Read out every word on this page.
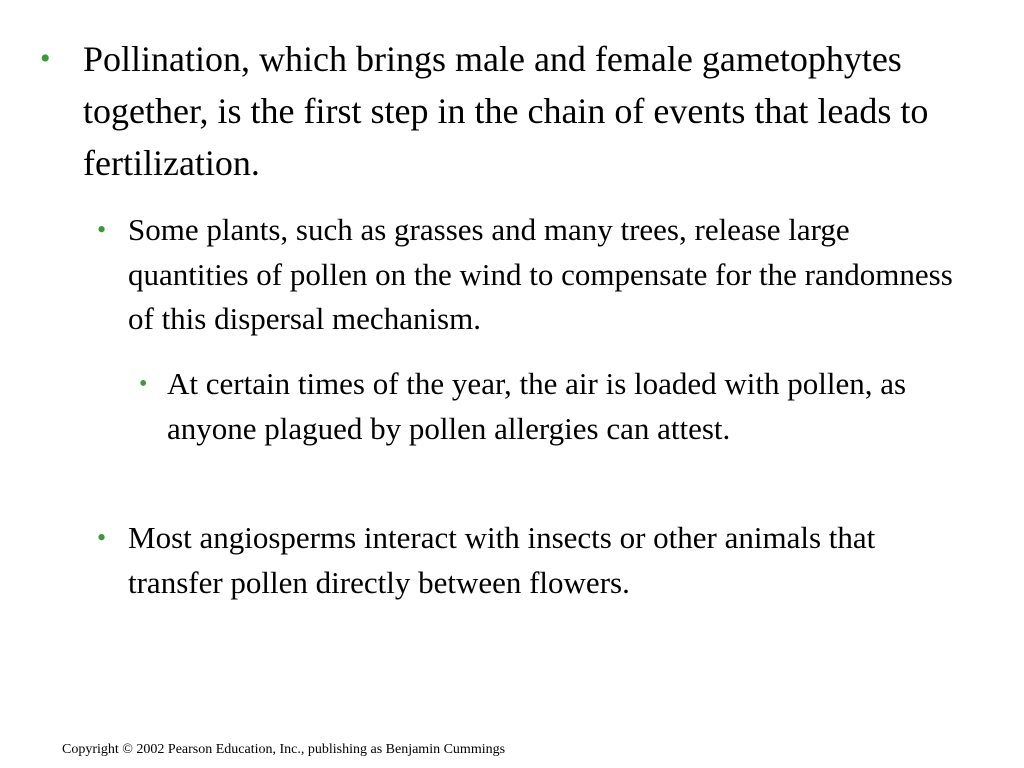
• Pollination, which brings male and female gametophytes together, is the first step in the chain of events that leads to fertilization.
• Some plants, such as grasses and many trees, release large quantities of pollen on the wind to compensate for the randomness of this dispersal mechanism.
• At certain times of the year, the air is loaded with pollen, as anyone plagued by pollen allergies can attest.
• Most angiosperms interact with insects or other animals that transfer pollen directly between flowers.
Copyright © 2002 Pearson Education, Inc., publishing as Benjamin Cummings
